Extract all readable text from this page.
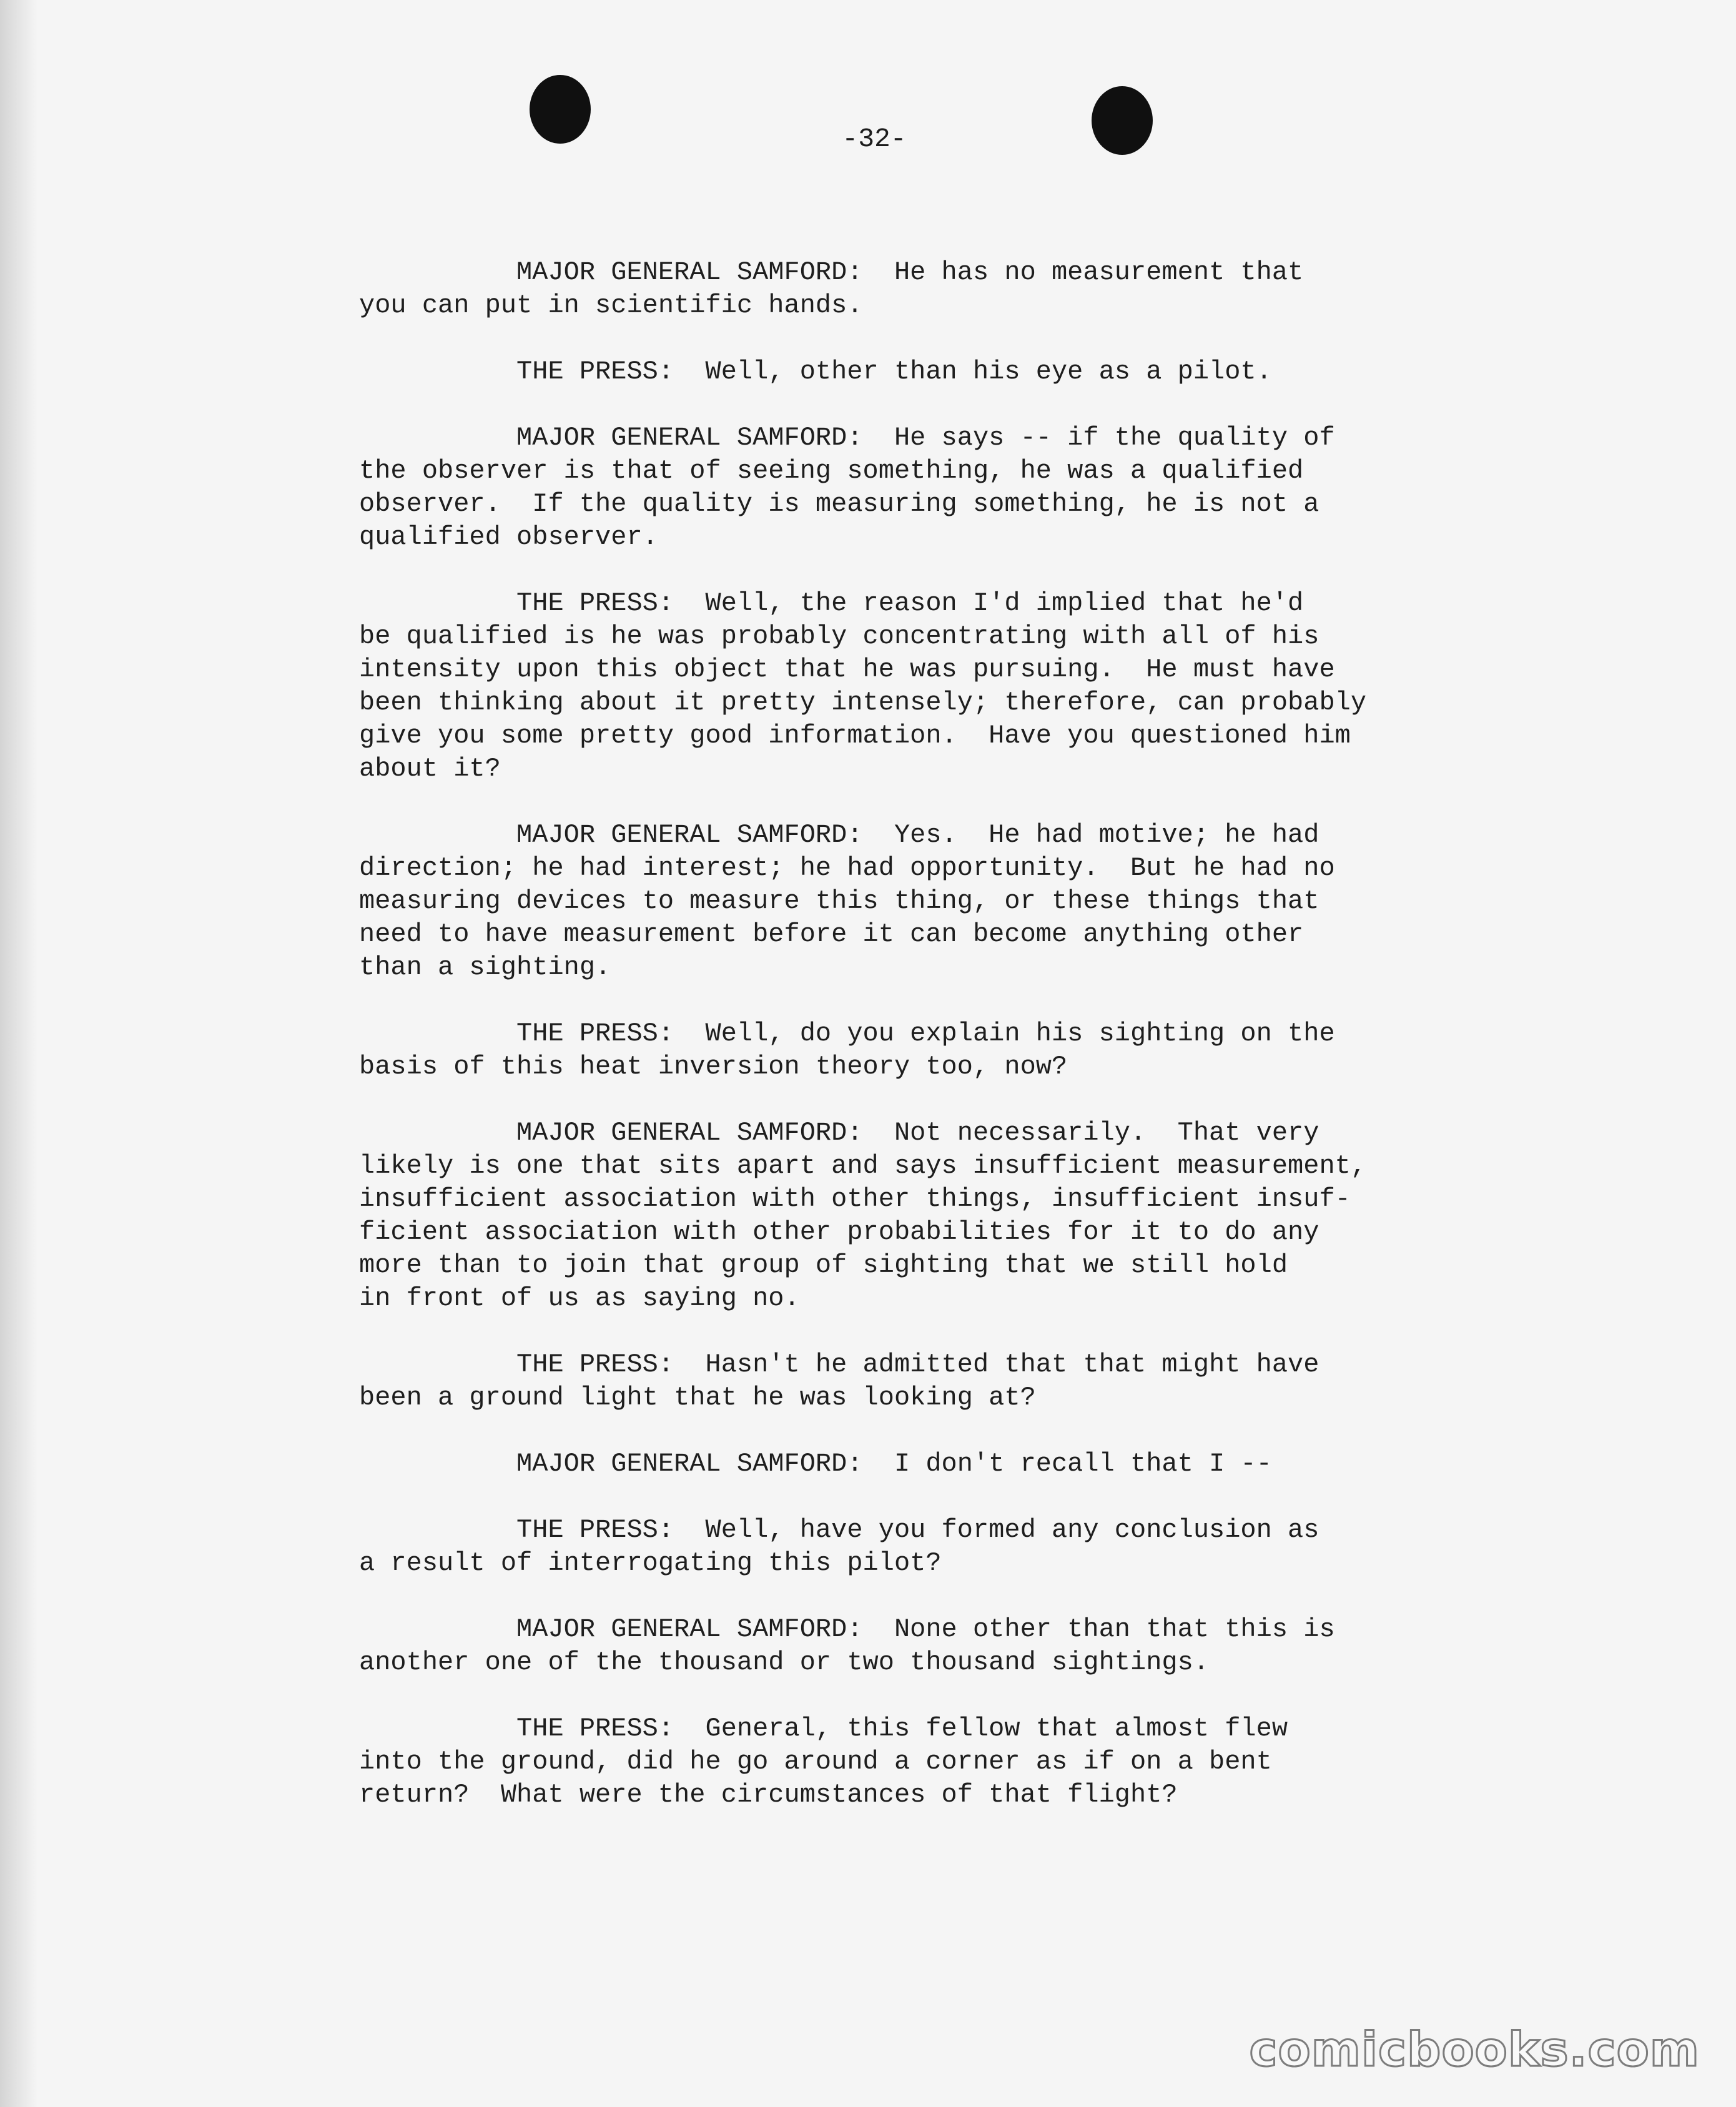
-32-
MAJOR GENERAL SAMFORD:  He has no measurement that
you can put in scientific hands.
THE PRESS:  Well, other than his eye as a pilot.
MAJOR GENERAL SAMFORD:  He says -- if the quality of
the observer is that of seeing something, he was a qualified
observer.  If the quality is measuring something, he is not a
qualified observer.
THE PRESS:  Well, the reason I'd implied that he'd
be qualified is he was probably concentrating with all of his
intensity upon this object that he was pursuing.  He must have
been thinking about it pretty intensely; therefore, can probably
give you some pretty good information.  Have you questioned him
about it?
MAJOR GENERAL SAMFORD:  Yes.  He had motive; he had
direction; he had interest; he had opportunity.  But he had no
measuring devices to measure this thing, or these things that
need to have measurement before it can become anything other
than a sighting.
THE PRESS:  Well, do you explain his sighting on the
basis of this heat inversion theory too, now?
MAJOR GENERAL SAMFORD:  Not necessarily.  That very
likely is one that sits apart and says insufficient measurement,
insufficient association with other things, insufficient insuf-
ficient association with other probabilities for it to do any
more than to join that group of sighting that we still hold
in front of us as saying no.
THE PRESS:  Hasn't he admitted that that might have
been a ground light that he was looking at?
MAJOR GENERAL SAMFORD:  I don't recall that I --
THE PRESS:  Well, have you formed any conclusion as
a result of interrogating this pilot?
MAJOR GENERAL SAMFORD:  None other than that this is
another one of the thousand or two thousand sightings.
THE PRESS:  General, this fellow that almost flew
into the ground, did he go around a corner as if on a bent
return?  What were the circumstances of that flight?
comicbooks.com
